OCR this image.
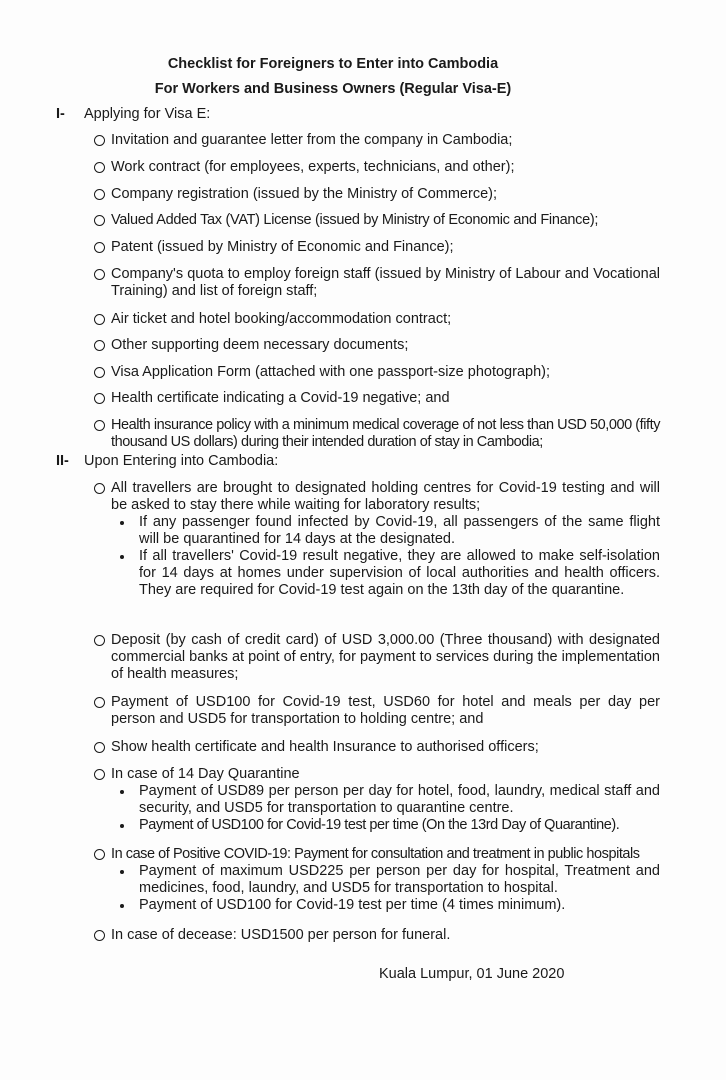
Checklist for Foreigners to Enter into Cambodia
For Workers and Business Owners (Regular Visa-E)
I- Applying for Visa E:
Invitation and guarantee letter from the company in Cambodia;
Work contract (for employees, experts, technicians, and other);
Company registration (issued by the Ministry of Commerce);
Valued Added Tax (VAT) License (issued by Ministry of Economic and Finance);
Patent (issued by Ministry of Economic and Finance);
Company's quota to employ foreign staff (issued by Ministry of Labour and Vocational Training) and list of foreign staff;
Air ticket and hotel booking/accommodation contract;
Other supporting deem necessary documents;
Visa Application Form (attached with one passport-size photograph);
Health certificate indicating a Covid-19 negative; and
Health insurance policy with a minimum medical coverage of not less than USD 50,000 (fifty thousand US dollars) during their intended duration of stay in Cambodia;
II- Upon Entering into Cambodia:
All travellers are brought to designated holding centres for Covid-19 testing and will be asked to stay there while waiting for laboratory results;
If any passenger found infected by Covid-19, all passengers of the same flight will be quarantined for 14 days at the designated.
If all travellers' Covid-19 result negative, they are allowed to make self-isolation for 14 days at homes under supervision of local authorities and health officers. They are required for Covid-19 test again on the 13th day of the quarantine.
Deposit (by cash of credit card) of USD 3,000.00 (Three thousand) with designated commercial banks at point of entry, for payment to services during the implementation of health measures;
Payment of USD100 for Covid-19 test, USD60 for hotel and meals per day per person and USD5 for transportation to holding centre; and
Show health certificate and health Insurance to authorised officers;
In case of 14 Day Quarantine
Payment of USD89 per person per day for hotel, food, laundry, medical staff and security, and USD5 for transportation to quarantine centre.
Payment of USD100 for Covid-19 test per time (On the 13rd Day of Quarantine).
In case of Positive COVID-19: Payment for consultation and treatment in public hospitals
Payment of maximum USD225 per person per day for hospital, Treatment and medicines, food, laundry, and USD5 for transportation to hospital.
Payment of USD100 for Covid-19 test per time (4 times minimum).
In case of decease: USD1500 per person for funeral.
Kuala Lumpur, 01 June 2020
